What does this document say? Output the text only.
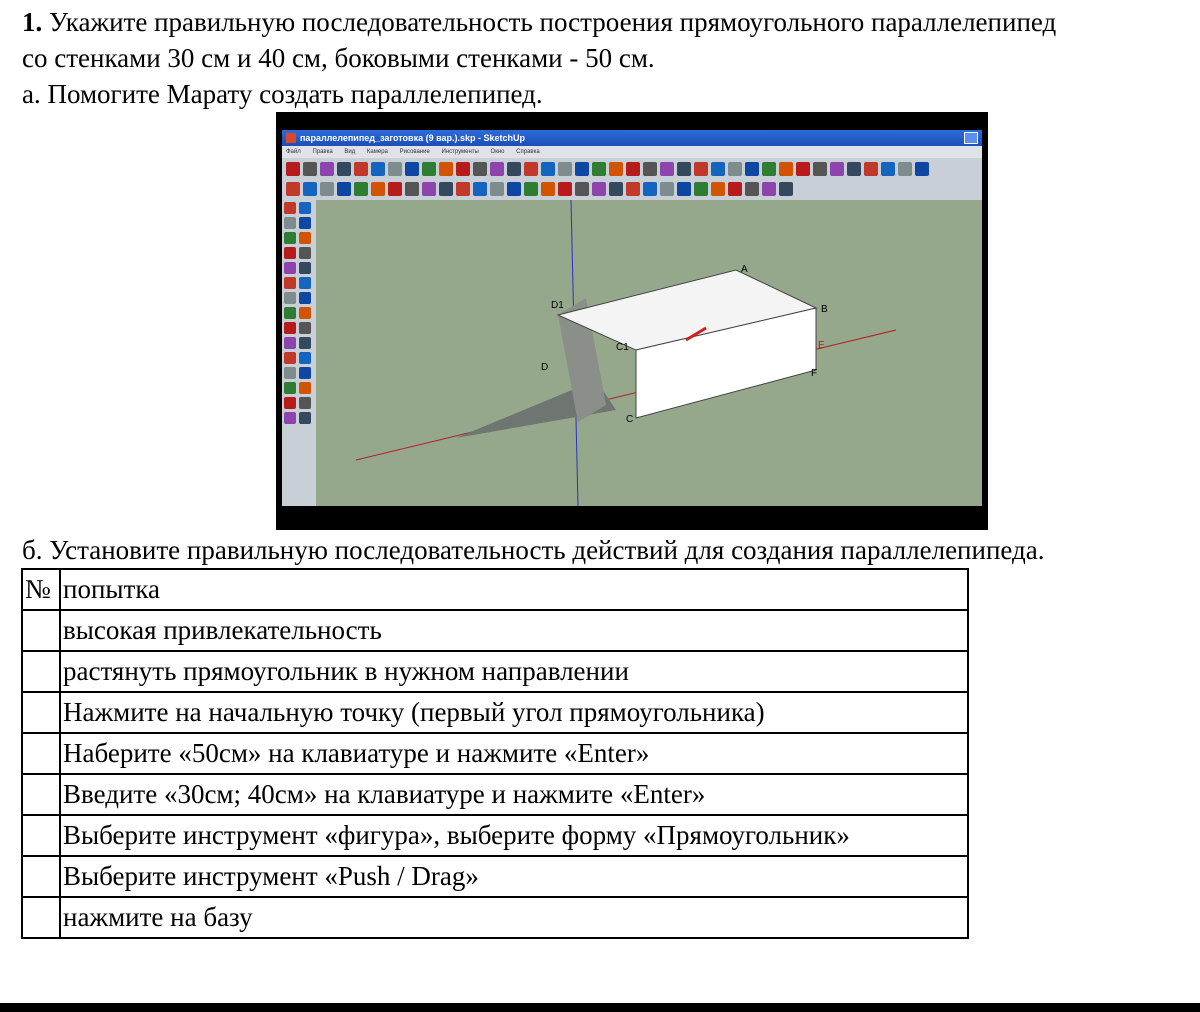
1. Укажите правильную последовательность построения прямоугольного параллелепипед
со стенками 30 см и 40 см, боковыми стенками - 50 см.
а. Помогите Марату создать параллелепипед.
параллелепипед_заготовка (9 вар.).skp - SketchUp
Файл Правка Вид Камера Рисование Инструменты Окно Справка
A
B
C1
D1
C
D
E
F
б. Установите правильную последовательность действий для создания параллелепипеда.
№	попытка
	высокая привлекательность
	растянуть прямоугольник в нужном направлении
	Нажмите на начальную точку (первый угол прямоугольника)
	Наберите «50см» на клавиатуре и нажмите «Enter»
	Введите «30см; 40см» на клавиатуре и нажмите «Enter»
	Выберите инструмент «фигура», выберите форму «Прямоугольник»
	Выберите инструмент «Push / Drag»
	нажмите на базу
